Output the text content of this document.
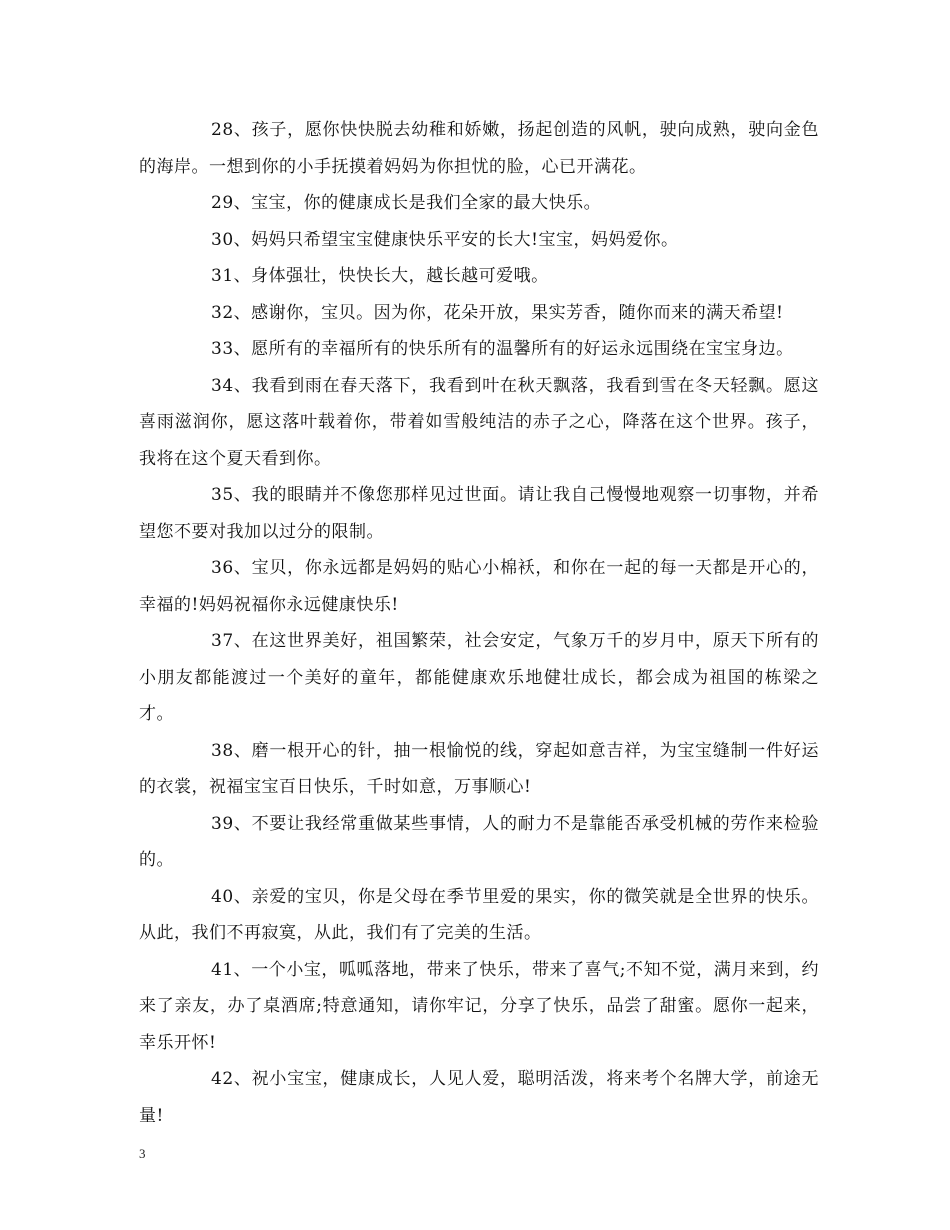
28、孩子，愿你快快脱去幼稚和娇嫩，扬起创造的风帆，驶向成熟，驶向金色的海岸。一想到你的小手抚摸着妈妈为你担忧的脸，心已开满花。

29、宝宝，你的健康成长是我们全家的最大快乐。

30、妈妈只希望宝宝健康快乐平安的长大!宝宝，妈妈爱你。

31、身体强壮，快快长大，越长越可爱哦。

32、感谢你，宝贝。因为你，花朵开放，果实芳香，随你而来的满天希望!

33、愿所有的幸福所有的快乐所有的温馨所有的好运永远围绕在宝宝身边。

34、我看到雨在春天落下，我看到叶在秋天飘落，我看到雪在冬天轻飘。愿这喜雨滋润你，愿这落叶载着你，带着如雪般纯洁的赤子之心，降落在这个世界。孩子，我将在这个夏天看到你。

35、我的眼睛并不像您那样见过世面。请让我自己慢慢地观察一切事物，并希望您不要对我加以过分的限制。

36、宝贝，你永远都是妈妈的贴心小棉袄，和你在一起的每一天都是开心的，幸福的!妈妈祝福你永远健康快乐!

37、在这世界美好，祖国繁荣，社会安定，气象万千的岁月中，原天下所有的小朋友都能渡过一个美好的童年，都能健康欢乐地健壮成长，都会成为祖国的栋梁之才。

38、磨一根开心的针，抽一根愉悦的线，穿起如意吉祥，为宝宝缝制一件好运的衣裳，祝福宝宝百日快乐，千时如意，万事顺心!

39、不要让我经常重做某些事情，人的耐力不是靠能否承受机械的劳作来检验的。

40、亲爱的宝贝，你是父母在季节里爱的果实，你的微笑就是全世界的快乐。从此，我们不再寂寞，从此，我们有了完美的生活。

41、一个小宝，呱呱落地，带来了快乐，带来了喜气;不知不觉，满月来到，约来了亲友，办了桌酒席;特意通知，请你牢记，分享了快乐，品尝了甜蜜。愿你一起来，幸乐开怀!

42、祝小宝宝，健康成长，人见人爱，聪明活泼，将来考个名牌大学，前途无量!

3
